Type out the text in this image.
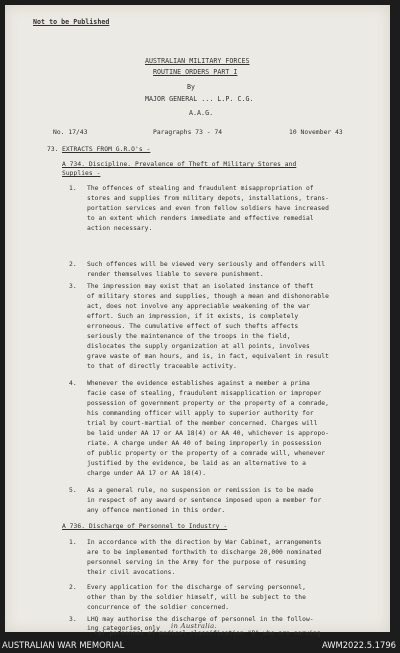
Not to be Published
AUSTRALIAN MILITARY FORCES
ROUTINE ORDERS PART I
By
MAJOR GENERAL ... L.P. C.G.
A.A.G.
No. 17/43	Paragraphs 73 - 74	10 November 43
73. EXTRACTS FROM G.R.O's -
A 734. Discipline. Prevalence of Theft of Military Stores and
Supplies -
1. The offences of stealing and fraudulent misappropriation of
stores and supplies from military depots, installations, trans-
portation services and even from fellow soldiers have increased
to an extent which renders immediate and effective remedial
action necessary.
2. Such offences will be viewed very seriously and offenders will
render themselves liable to severe punishment.
3. The impression may exist that an isolated instance of theft
of military stores and supplies, though a mean and dishonorable
act, does not involve any appreciable weakening of the war
effort. Such an impression, if it exists, is completely
erroneous. The cumulative effect of such thefts affects
seriously the maintenance of the troops in the field,
dislocates the supply organization at all points, involves
grave waste of man hours, and is, in fact, equivalent in result
to that of directly traceable activity.
4. Whenever the evidence establishes against a member a prima
facie case of stealing, fraudulent misapplication or improper
possession of government property or the property of a comrade,
his commanding officer will apply to superior authority for
trial by court-martial of the member concerned. Charges will
be laid under AA 17 or AA 18(4) or AA 40, whichever is appropo-
riate. A charge under AA 40 of being improperly in possession
of public property or the property of a comrade will, whenever
justified by the evidence, be laid as an alternative to a
charge under AA 17 or AA 18(4).
5. As a general rule, no suspension or remission is to be made
in respect of any award or sentence imposed upon a member for
any offence mentioned in this order.
A 736. Discharge of Personnel to Industry -
1. In accordance with the direction by War Cabinet, arrangements
are to be implemented forthwith to discharge 20,000 nominated
personnel serving in the Army for the purpose of resuming
their civil avocations.
2. Every application for the discharge of serving personnel,
other than by the soldier himself, will be subject to the
concurrence of the soldier concerned.
3. LHQ may authorise the discharge of personnel in the follow-
ing categories only in Australia.
(a) personnel of medical classification "B" who are serving
AUSTRALIAN WAR MEMORIAL	AWM2022.5.1796
